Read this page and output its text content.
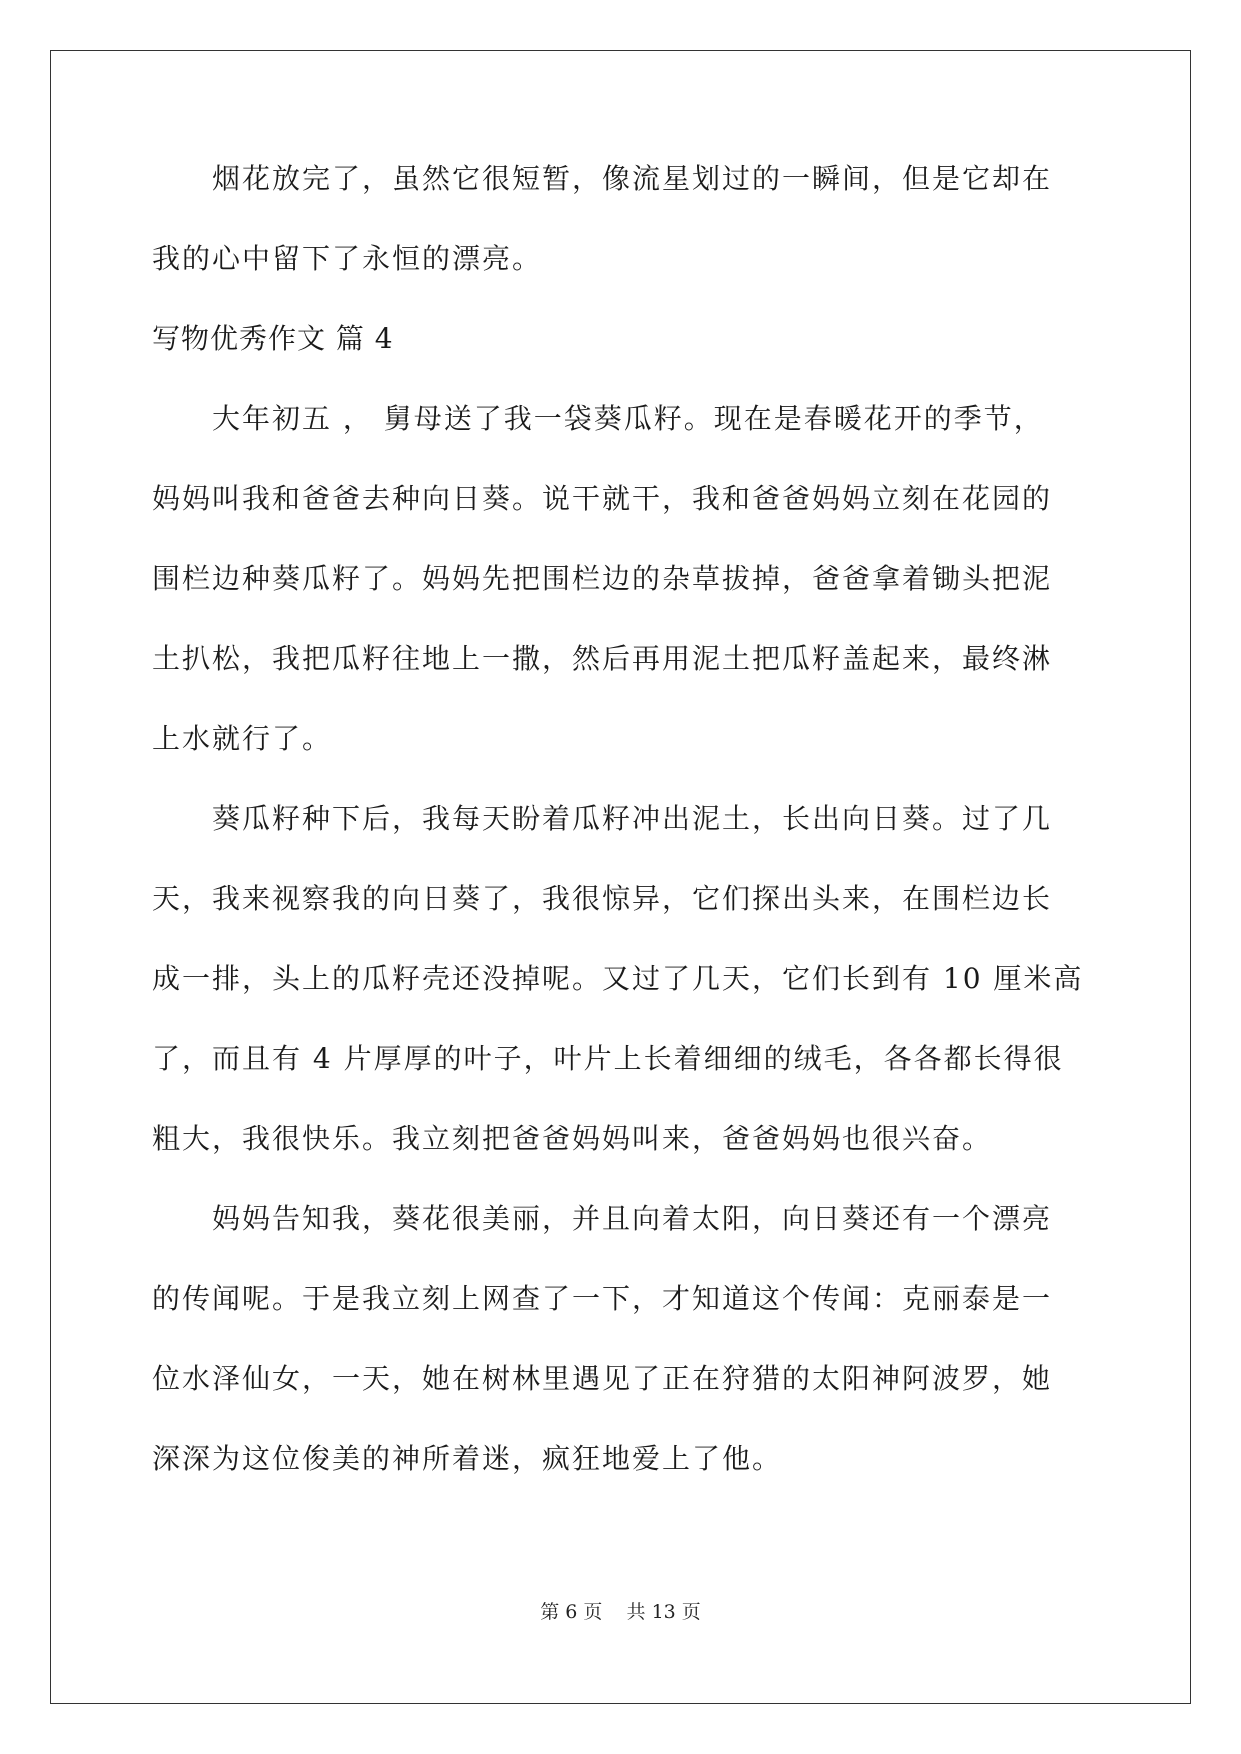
烟花放完了，虽然它很短暂，像流星划过的一瞬间，但是它却在
我的心中留下了永恒的漂亮。
写物优秀作文 篇 4
大年初五 ， 舅母送了我一袋葵瓜籽。现在是春暖花开的季节，
妈妈叫我和爸爸去种向日葵。说干就干，我和爸爸妈妈立刻在花园的
围栏边种葵瓜籽了。妈妈先把围栏边的杂草拔掉，爸爸拿着锄头把泥
土扒松，我把瓜籽往地上一撒，然后再用泥土把瓜籽盖起来，最终淋
上水就行了。
葵瓜籽种下后，我每天盼着瓜籽冲出泥土，长出向日葵。过了几
天，我来视察我的向日葵了，我很惊异，它们探出头来，在围栏边长
成一排，头上的瓜籽壳还没掉呢。又过了几天，它们长到有 10 厘米高
了，而且有 4 片厚厚的叶子，叶片上长着细细的绒毛，各各都长得很
粗大，我很快乐。我立刻把爸爸妈妈叫来，爸爸妈妈也很兴奋。
妈妈告知我，葵花很美丽，并且向着太阳，向日葵还有一个漂亮
的传闻呢。于是我立刻上网查了一下，才知道这个传闻：克丽泰是一
位水泽仙女，一天，她在树林里遇见了正在狩猎的太阳神阿波罗，她
深深为这位俊美的神所着迷，疯狂地爱上了他。
第 6 页    共 13 页
